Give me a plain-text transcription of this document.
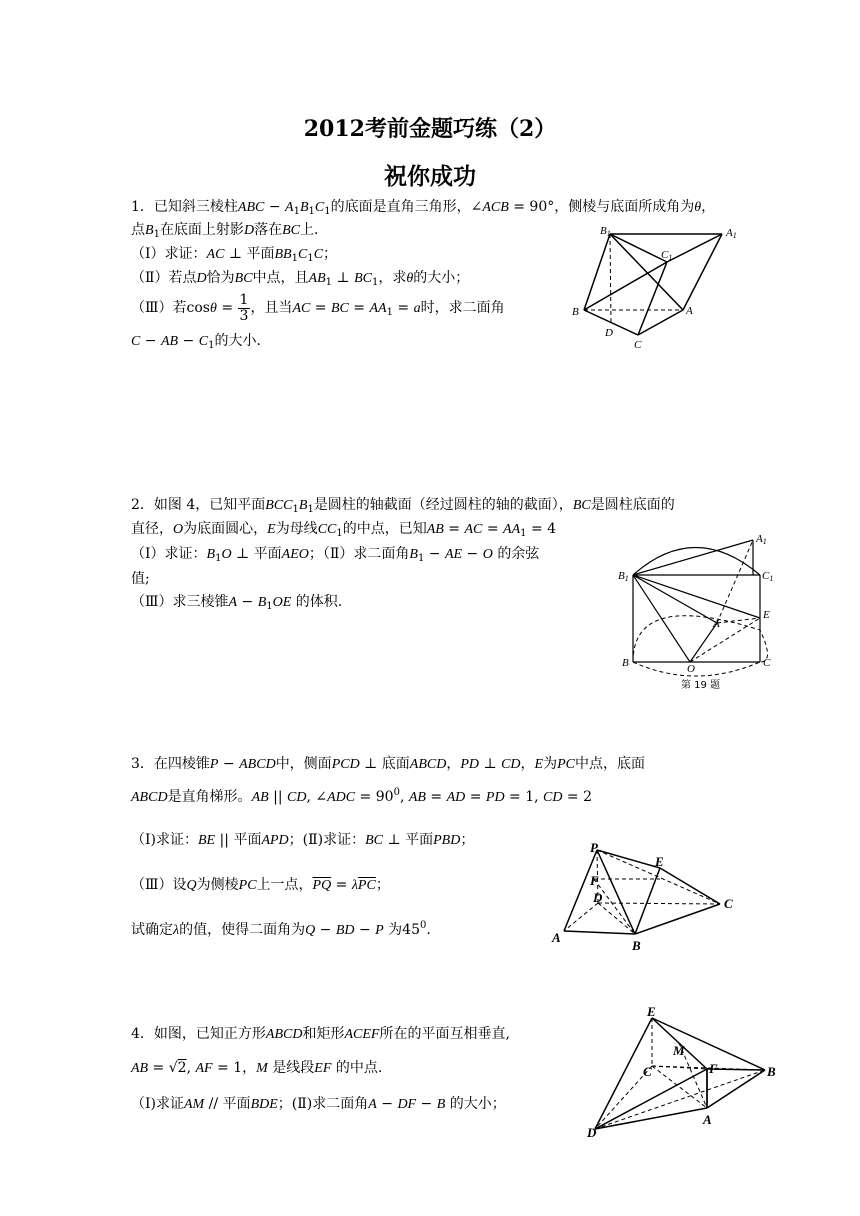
2012考前金题巧练（2）
祝你成功
1．已知斜三棱柱ABC − $A_1B_1C_1$的底面是直角三角形，∠ACB = 90°，侧棱与底面所成角为θ，
点$B_1$在底面上射影D落在BC上．
（Ⅰ）求证：AC ⊥ 平面$BB_1C_1C$；
（Ⅱ）若点D恰为BC中点，且$AB_1$ ⊥ $BC_1$，求θ的大小；
（Ⅲ）若$\cos\theta = \frac{1}{3}$ ，且当AC = BC = $AA_1 = a$时，求二面角
C − AB − $C_1$的大小．
B1	A1
C1
B	A
D
C
2．如图 4，已知平面$BCC_1B_1$是圆柱的轴截面（经过圆柱的轴的截面），BC是圆柱底面的
直径，O为底面圆心，E为母线$CC_1$的中点，已知AB = AC = $AA_1 = 4$
（Ⅰ）求证：$B_1O$ ⊥ 平面AEO；（Ⅱ）求二面角$B_1$ − AE − O 的余弦
值;
（Ⅲ）求三棱锥$A - B_1OE$ 的体积.
A1
B1	C1
E
A
B	O	C
第 19 题
3．在四棱锥P − ABCD中，侧面PCD ⊥ 底面ABCD，PD ⊥ CD，E为PC中点，底面
ABCD是直角梯形。AB || CD, ∠ADC = $90^0$, AB = AD = PD = 1, CD = 2
（Ⅰ)求证：BE || 平面APD；(Ⅱ)求证：BC ⊥ 平面PBD；
（Ⅲ）设Q为侧棱PC上一点，$\overline{PQ} = \lambda\overline{PC}$；
试确定λ的值，使得二面角为Q − BD − P 为$45^0$.
P
E
F
D	C
A
B
4．如图，已知正方形ABCD和矩形ACEF所在的平面互相垂直,
AB = √2, AF = 1，M 是线段EF 的中点.
（Ⅰ)求证AM // 平面BDE；(Ⅱ)求二面角A − DF − B 的大小；
E
M
C	F	B
D
A
